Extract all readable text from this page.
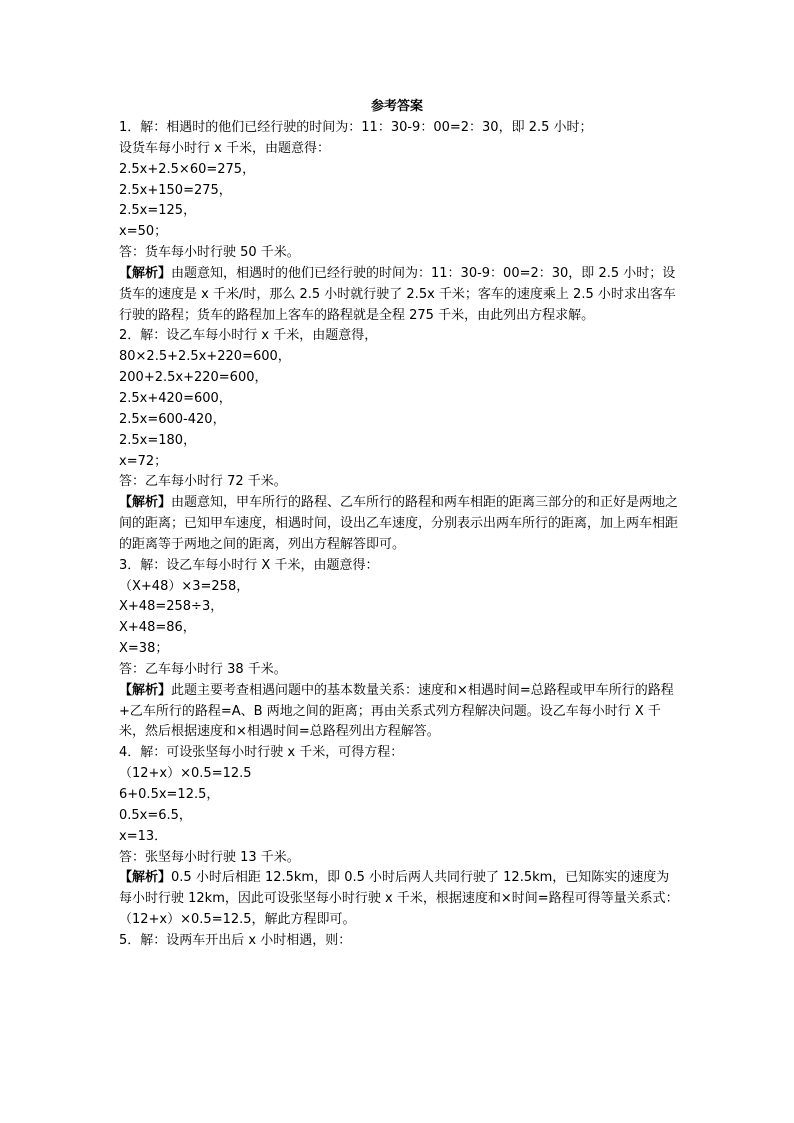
参考答案
1．解：相遇时的他们已经行驶的时间为：11：30-9：00=2：30，即 2.5 小时；
设货车每小时行 x 千米，由题意得：
2.5x+2.5×60=275，
2.5x+150=275，
2.5x=125，
x=50；
答：货车每小时行驶 50 千米。
【解析】由题意知，相遇时的他们已经行驶的时间为：11：30-9：00=2：30，即 2.5 小时；设货车的速度是 x 千米/时，那么 2.5 小时就行驶了 2.5x 千米；客车的速度乘上 2.5 小时求出客车行驶的路程；货车的路程加上客车的路程就是全程 275 千米，由此列出方程求解。
2．解：设乙车每小时行 x 千米，由题意得，
80×2.5+2.5x+220=600，
200+2.5x+220=600，
2.5x+420=600，
2.5x=600-420，
2.5x=180，
x=72；
答：乙车每小时行 72 千米。
【解析】由题意知，甲车所行的路程、乙车所行的路程和两车相距的距离三部分的和正好是两地之间的距离；已知甲车速度，相遇时间，设出乙车速度，分别表示出两车所行的距离，加上两车相距的距离等于两地之间的距离，列出方程解答即可。
3．解：设乙车每小时行 X 千米，由题意得：
（X+48）×3=258，
X+48=258÷3，
X+48=86，
X=38；
答：乙车每小时行 38 千米。
【解析】此题主要考查相遇问题中的基本数量关系：速度和×相遇时间=总路程或甲车所行的路程+乙车所行的路程=A、B 两地之间的距离；再由关系式列方程解决问题。设乙车每小时行 X 千米，然后根据速度和×相遇时间=总路程列出方程解答。
4．解：可设张坚每小时行驶 x 千米，可得方程：
（12+x）×0.5=12.5
6+0.5x=12.5，
0.5x=6.5，
x=13．
答：张坚每小时行驶 13 千米。
【解析】0.5 小时后相距 12.5km，即 0.5 小时后两人共同行驶了 12.5km，已知陈实的速度为每小时行驶 12km，因此可设张坚每小时行驶 x 千米，根据速度和×时间=路程可得等量关系式：（12+x）×0.5=12.5，解此方程即可。
5．解：设两车开出后 x 小时相遇，则：
